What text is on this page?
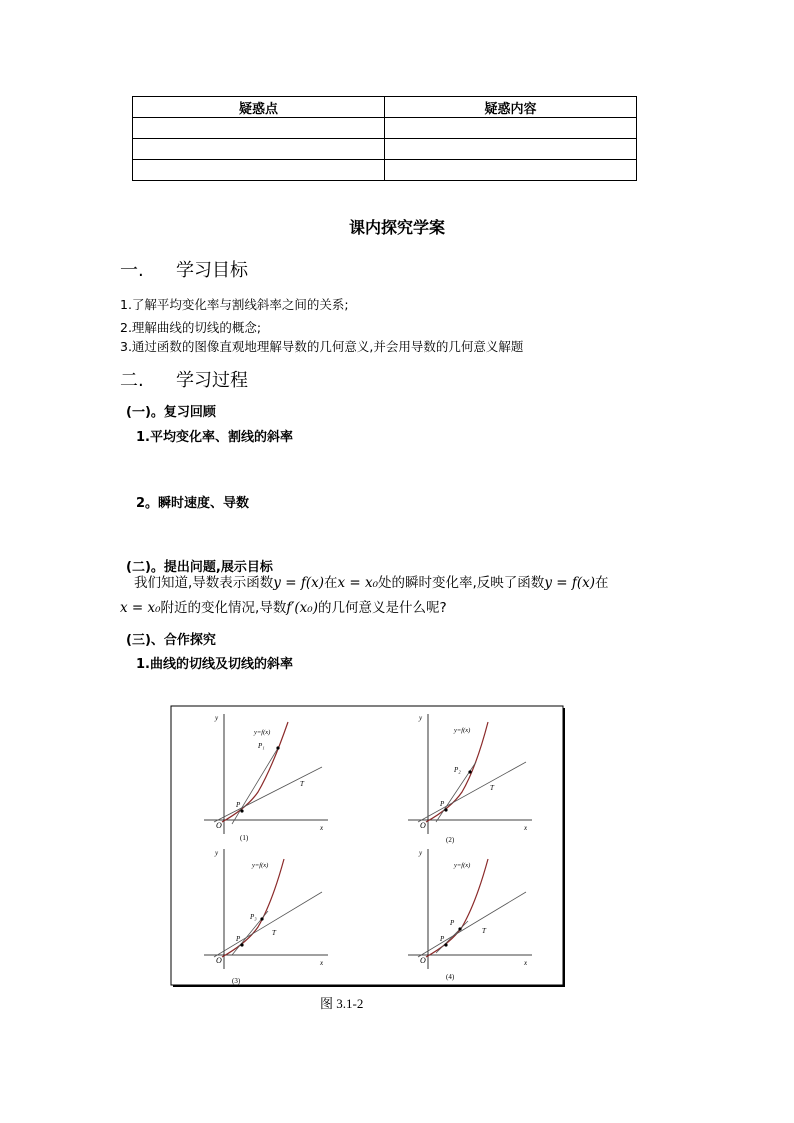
疑惑点	疑惑内容

课内探究学案
一. 学习目标
1.了解平均变化率与割线斜率之间的关系;
2.理解曲线的切线的概念;
3.通过函数的图像直观地理解导数的几何意义,并会用导数的几何意义解题
二. 学习过程
(一)。复习回顾
1.平均变化率、割线的斜率
2。瞬时速度、导数
(二)。提出问题,展示目标
我们知道,导数表示函数y = f(x)在x = x₀处的瞬时变化率,反映了函数y = f(x)在
x = x₀附近的变化情况,导数f′(x₀)的几何意义是什么呢?
(三)、合作探究
1.曲线的切线及切线的斜率
y
x
O
P
P₁
y=f(x)
T
(1)
y
x
O
P
P₂
y=f(x)
T
(2)
y
x
O
P
P₃
y=f(x)
T
(3)
y
x
O
P
P
y=f(x)
T
(4)
图 3.1-2
